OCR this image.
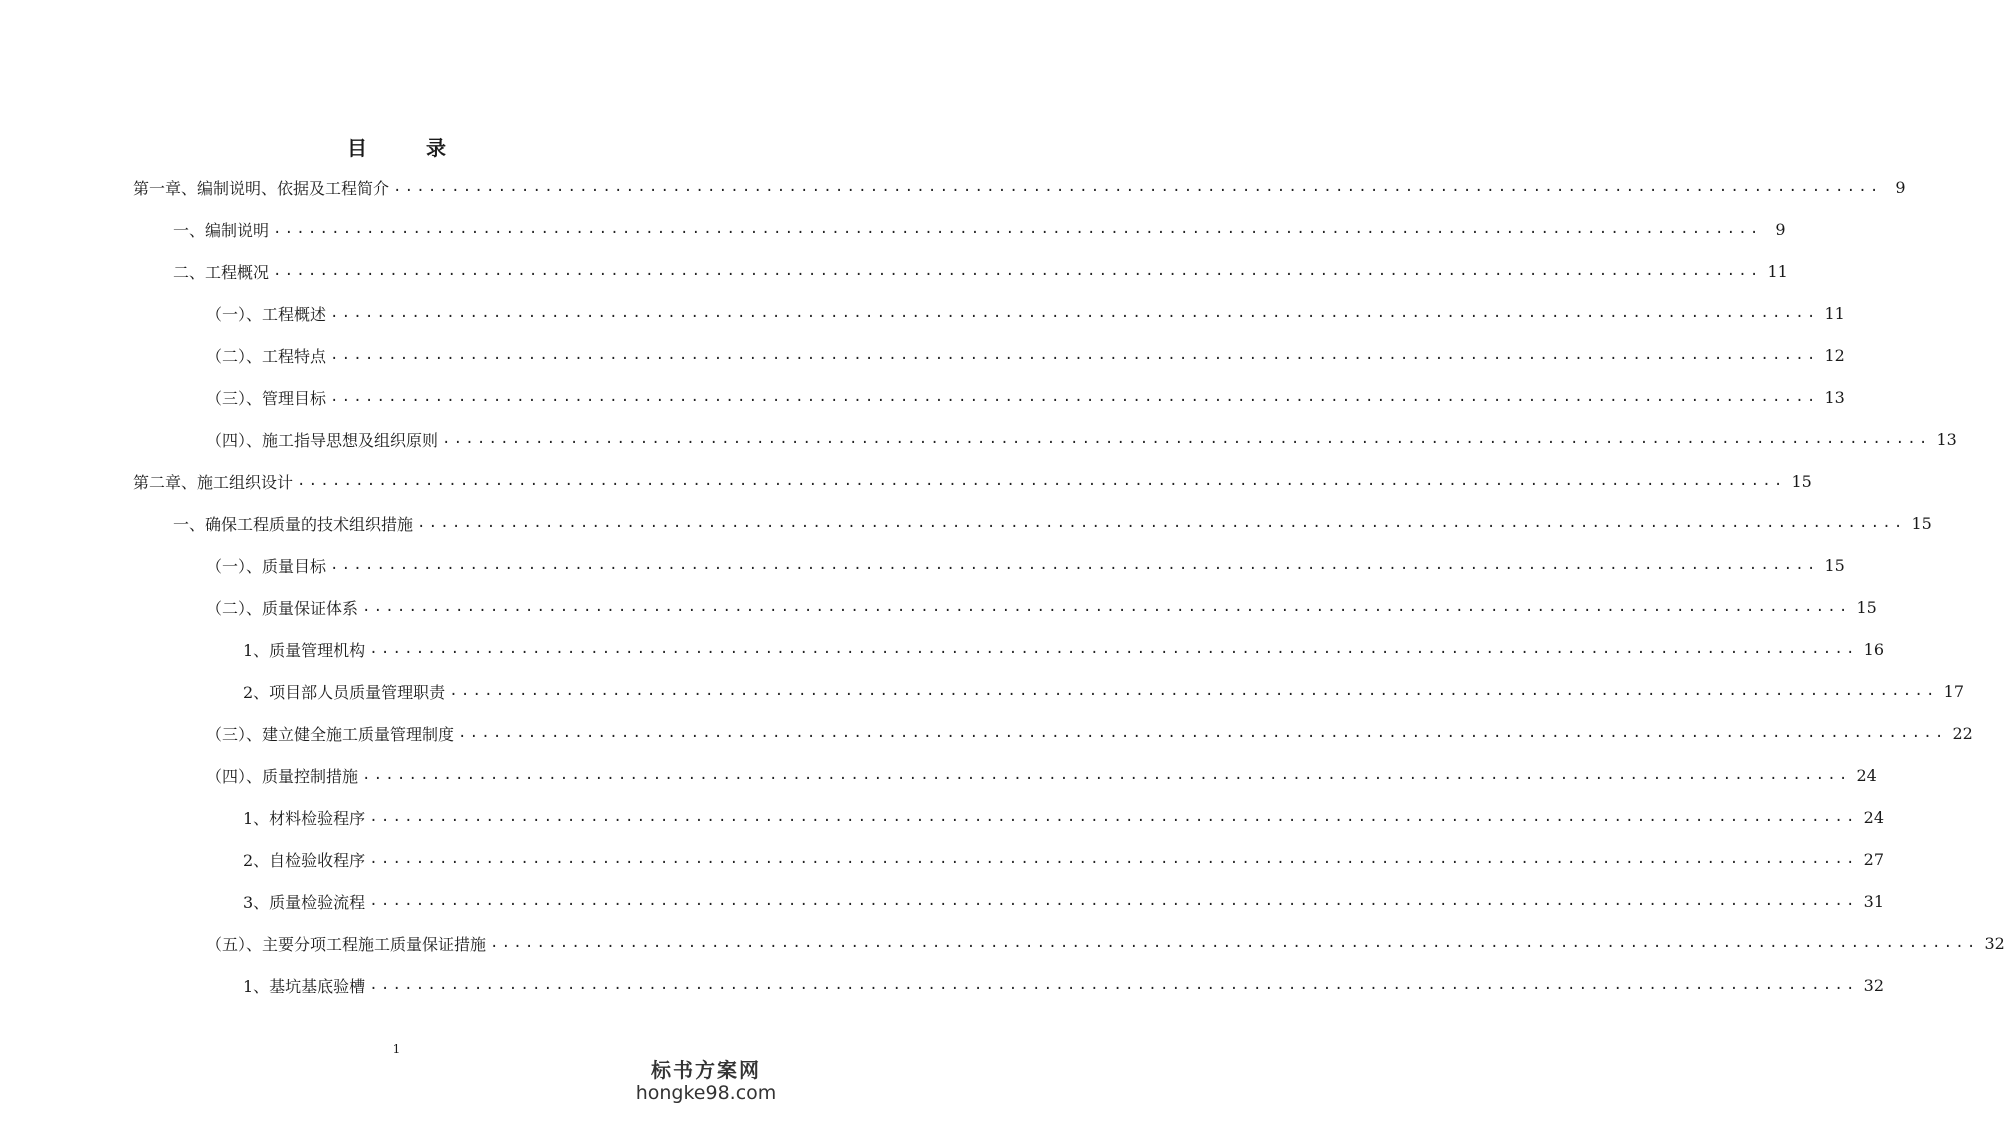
目 录
第一章、编制说明、依据及工程简介 ................................................................................................................................ 9
一、编制说明 ................................................................................................................................ 9
二、工程概况 ................................................................................................................................ 11
（一）、工程概述 ................................................................................................................................ 11
（二）、工程特点 ................................................................................................................................ 12
（三）、管理目标 ................................................................................................................................ 13
（四）、施工指导思想及组织原则 ................................................................................................................................ 13
第二章、施工组织设计 ................................................................................................................................ 15
一、确保工程质量的技术组织措施 ................................................................................................................................ 15
（一）、质量目标 ................................................................................................................................ 15
（二）、质量保证体系 ................................................................................................................................ 15
1、质量管理机构 ................................................................................................................................ 16
2、项目部人员质量管理职责 ................................................................................................................................ 17
（三）、建立健全施工质量管理制度 ................................................................................................................................ 22
（四）、质量控制措施 ................................................................................................................................ 24
1、材料检验程序 ................................................................................................................................ 24
2、自检验收程序 ................................................................................................................................ 27
3、质量检验流程 ................................................................................................................................ 31
（五）、主要分项工程施工质量保证措施 ................................................................................................................................ 32
1、基坑基底验槽 ................................................................................................................................ 32
1
标书方案网
hongke98.com
